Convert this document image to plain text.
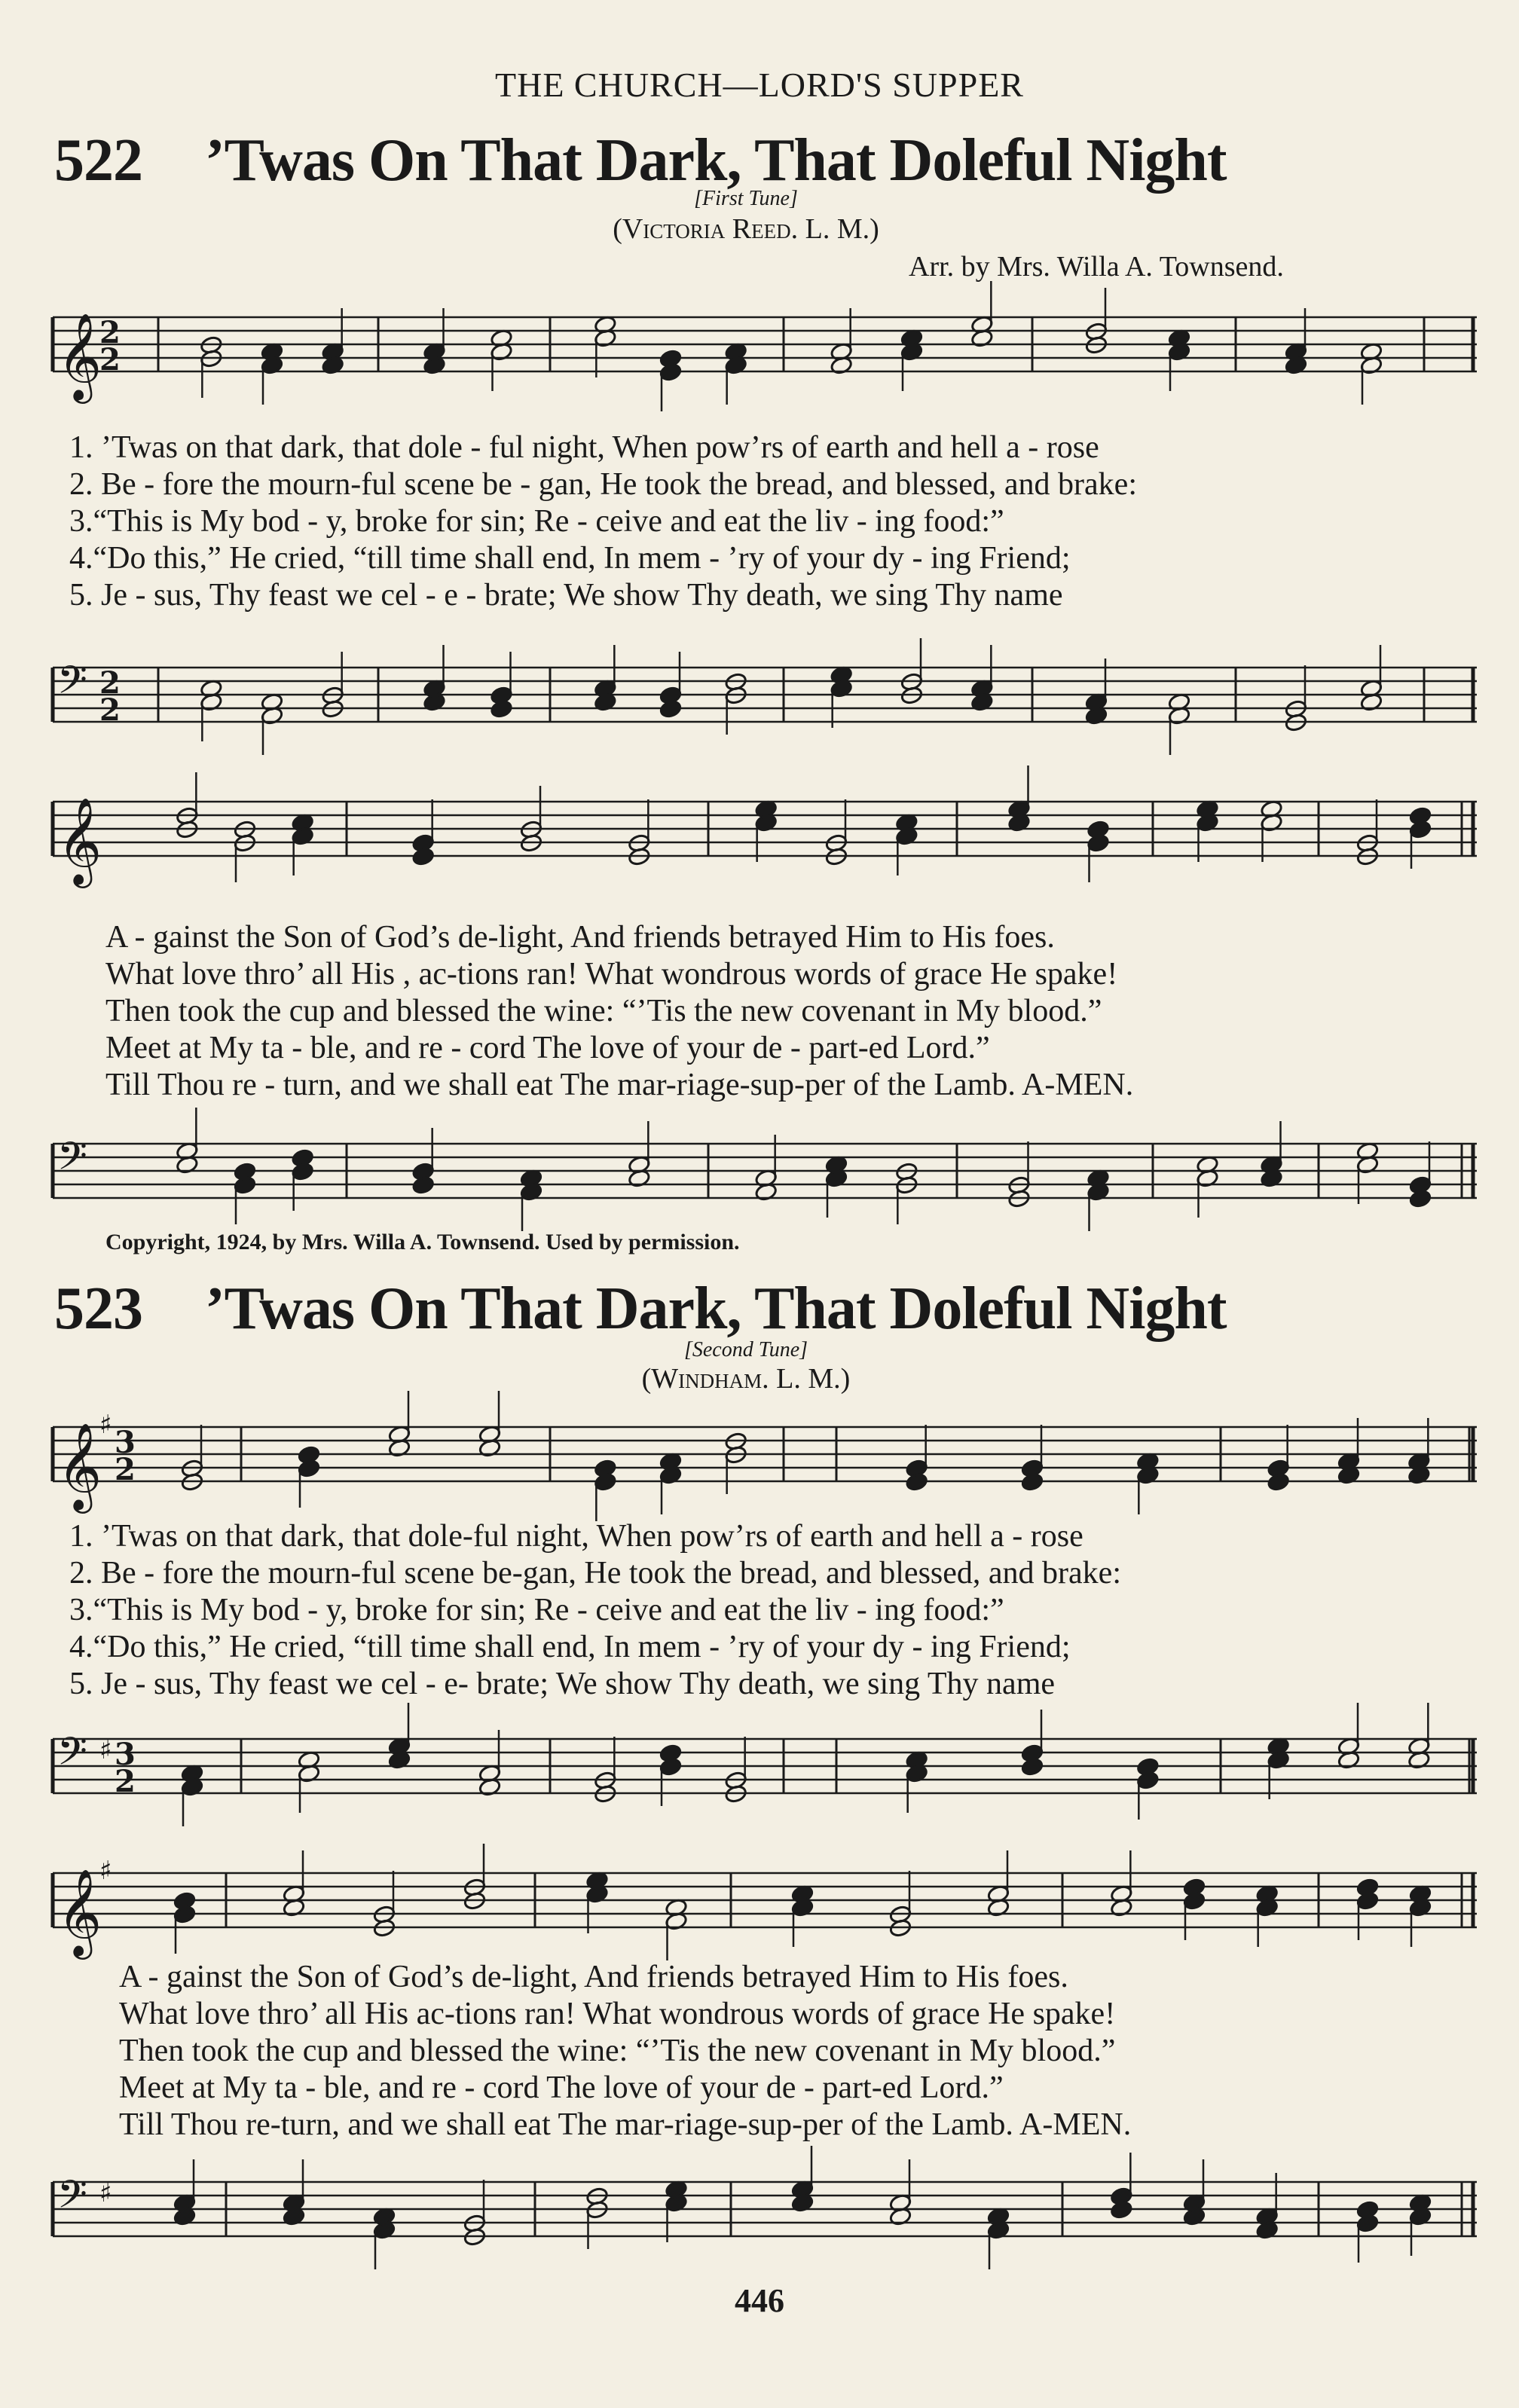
THE CHURCH—LORD'S SUPPER
522 ’Twas On That Dark, That Doleful Night
[First Tune]
(Victoria Reed. L. M.)
Arr. by Mrs. Willa A. Townsend.
𝄞
2
2
1. ’Twas on that dark, that dole - ful night, When pow’rs of earth and hell a - rose
2. Be - fore the mourn-ful scene be - gan, He took the bread, and blessed, and brake:
3.“This is My bod - y, broke for sin; Re - ceive and eat the liv - ing food:”
4.“Do this,” He cried, “till time shall end, In mem - ’ry of your dy - ing Friend;
5. Je - sus, Thy feast we cel - e - brate; We show Thy death, we sing Thy name
𝄢 2
2
𝄞
A - gainst the Son of God’s de-light, And friends betrayed Him to His foes.
What love thro’ all His , ac-tions ran! What wondrous words of grace He spake!
Then took the cup and blessed the wine: “’Tis the new covenant in My blood.”
Meet at My ta - ble, and re - cord The love of your de - part-ed Lord.”
Till Thou re - turn, and we shall eat The mar-riage-sup-per of the Lamb. A-MEN.
𝄢
Copyright, 1924, by Mrs. Willa A. Townsend. Used by permission.
523 ’Twas On That Dark, That Doleful Night
[Second Tune]
(Windham. L. M.)
𝄞
♯ 3
2
1. ’Twas on that dark, that dole-ful night, When pow’rs of earth and hell a - rose
2. Be - fore the mourn-ful scene be-gan, He took the bread, and blessed, and brake:
3.“This is My bod - y, broke for sin; Re - ceive and eat the liv - ing food:”
4.“Do this,” He cried, “till time shall end, In mem - ’ry of your dy - ing Friend;
5. Je - sus, Thy feast we cel - e- brate; We show Thy death, we sing Thy name
𝄢 ♯ 3
2
𝄞
♯
A - gainst the Son of God’s de-light, And friends betrayed Him to His foes.
What love thro’ all His ac-tions ran! What wondrous words of grace He spake!
Then took the cup and blessed the wine: “’Tis the new covenant in My blood.”
Meet at My ta - ble, and re - cord The love of your de - part-ed Lord.”
Till Thou re-turn, and we shall eat The mar-riage-sup-per of the Lamb. A-MEN.
𝄢 ♯
446
